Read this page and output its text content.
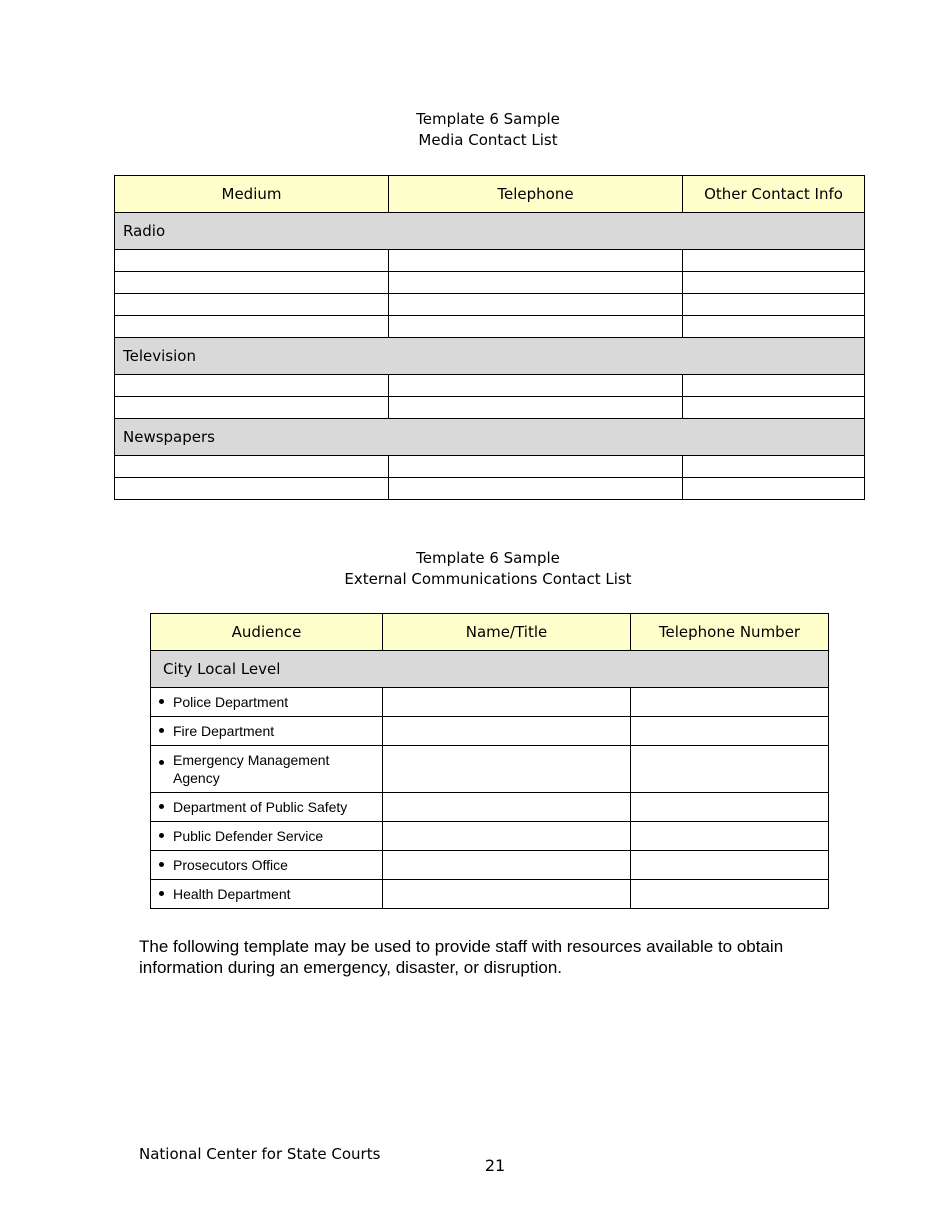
Template 6 Sample
Media Contact List
Medium	Telephone	Other Contact Info
Radio		

Television		

Newspapers		

Template 6 Sample
External Communications Contact List
Audience	Name/Title	Telephone Number
City Local Level		

Police Department		

Fire Department		

Emergency Management Agency		

Department of Public Safety		

Public Defender Service		

Prosecutors Office		

Health Department		
The following template may be used to provide staff with resources available to obtain information during an emergency, disaster, or disruption.
National Center for State Courts
21
